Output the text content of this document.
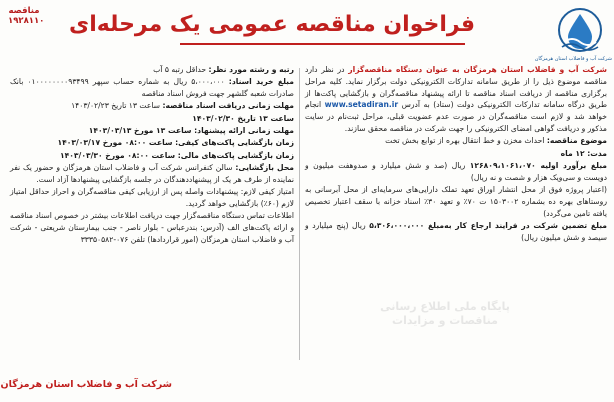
مناقصه
۱۹۲۸۱۱۰ فراخوان مناقصه عمومی یک مرحله‌ای
شرکت آب و فاضلاب استان هرمزگان

شرکت آب و فاضلاب استان هرمزگان به عنوان دستگاه مناقصه‌گزار در نظر دارد مناقصه موضوع ذیل را از طریق سامانه تدارکات الکترونیکی دولت برگزار نماید. کلیه مراحل برگزاری مناقصه از دریافت اسناد مناقصه تا ارائه پیشنهاد مناقصه‌گران و بازگشایی پاکت‌ها از طریق درگاه سامانه تدارکات الکترونیکی دولت (ستاد) به آدرس www.setadiran.ir انجام خواهد شد و لازم است مناقصه‌گران در صورت عدم عضویت قبلی، مراحل ثبت‌نام در سایت مذکور و دریافت گواهی امضای الکترونیکی را جهت شرکت در مناقصه محقق سازند.

موضوع مناقصه: احداث مخزن و خط انتقال بهره از توابع بخش تخت

مدت: ۱۲ ماه

مبلغ برآورد اولیه ۱۲۶۸۰۹،۱۰۶۱،۰۷۰ ریال (صد و شش میلیارد و صدوهفت میلیون و دویست و سی‌ویک هزار و شصت و نه ریال)

(اعتبار پروژه فوق از محل انتشار اوراق تعهد تملک دارایی‌های سرمایه‌ای از محل آبرسانی به روستاهای بهره ده بشماره ۱۵۰۳۰۰۲ ت ۷۰٪ و تعهد ۳۰٪ اسناد خزانه با سقف اعتبار تخصیص یافته تامین می‌گردد)

مبلغ تضمین شرکت در فرایند ارجاع کار به‌مبلغ ۵،۳۰۶،۰۰۰،۰۰۰ ریال (پنج میلیارد و سیصد و شش میلیون ریال)

رتبه و رشته مورد نظر: حداقل رتبه ۵ آب

مبلغ خرید اسناد: ۵،۰۰۰،۰۰۰ ریال به شماره حساب سپهر ۰۱۰۰۰۰۰۰۰۰۹۳۴۹۹ بانک صادرات شعبه گلشهر جهت فروش اسناد مناقصه

مهلت زمانی دریافت اسناد مناقصه: ساعت ۱۳ تاریخ ۱۴۰۳/۰۲/۲۳

ساعت ۱۳ تاریخ ۱۴۰۳/۰۲/۳۰

مهلت زمانی ارائه پیشنهاد: ساعت ۱۳ مورخ ۱۴۰۳/۰۳/۱۳

زمان بازگشایی پاکت‌های کیفی: ساعت ۰۸:۰۰ مورخ ۱۴۰۳/۰۳/۱۷

زمان بازگشایی پاکت‌های مالی: ساعت ۰۸:۰۰ مورخ ۱۴۰۳/۰۳/۳۰

محل بازگشایی: سالن کنفرانس شرکت آب و فاضلاب استان هرمزگان و حضور یک نفر نماینده از طرف هر یک از پیشنهاددهندگان در جلسه بازگشایی پیشنهادها آزاد است.

امتیاز کیفی لازم: پیشنهادات واصله پس از ارزیابی کیفی مناقصه‌گران و احراز حداقل امتیاز لازم (۶۰٪) بازگشایی خواهد گردید.

اطلاعات تماس دستگاه مناقصه‌گزار جهت دریافت اطلاعات بیشتر در خصوص اسناد مناقصه و ارائه پاکت‌های الف (آدرس: بندرعباس - بلوار ناصر - جنب بیمارستان شریعتی - شرکت آب و فاضلاب استان هرمزگان (امور قراردادها) تلفن ۰۷۶-۳۳۳۵۰۵۸۲

پایگاه ملی اطلاع رسانی
مناقصات و مزایدات
شرکت آب و فاضلاب استان هرمزگان
